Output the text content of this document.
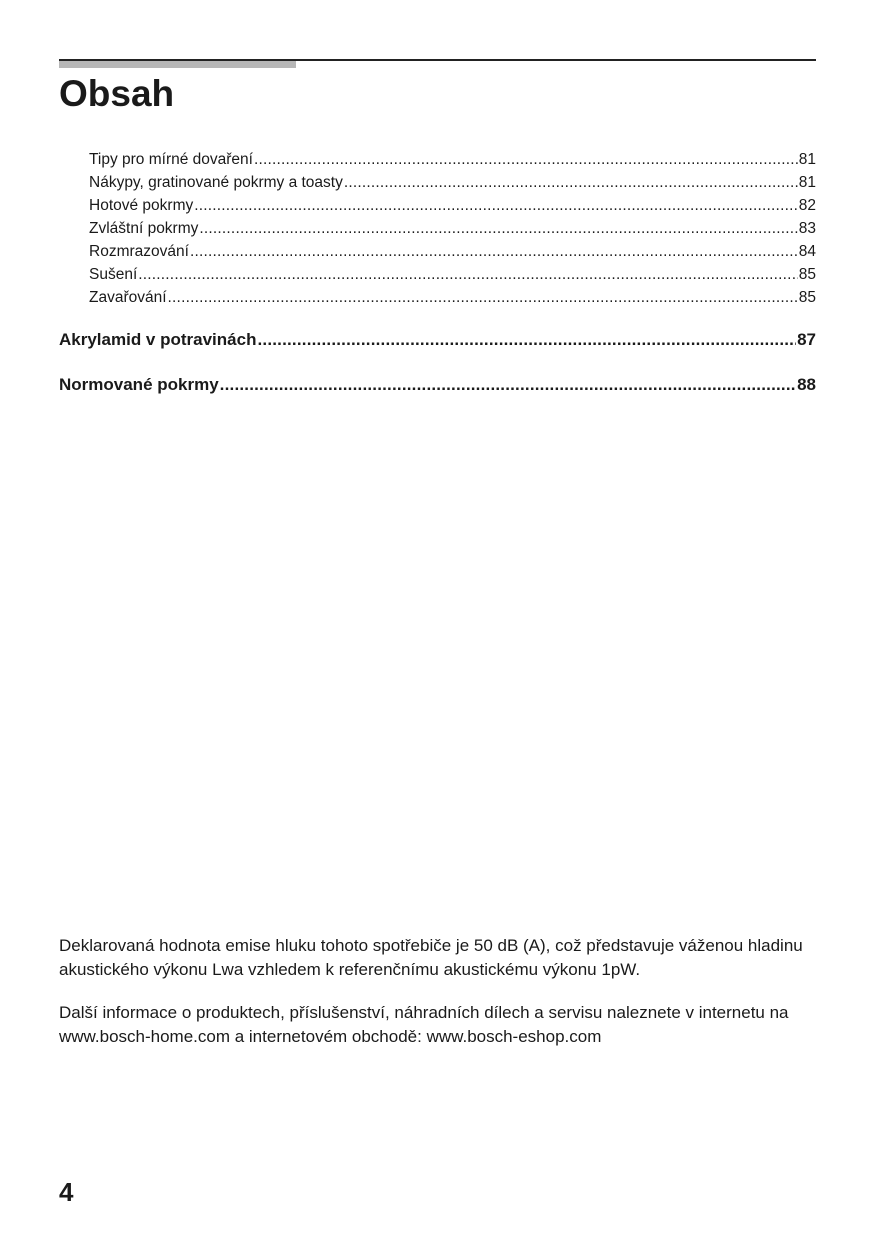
Obsah
Tipy pro mírné dovaření .....	81
Nákypy, gratinované pokrmy a toasty .....	81
Hotové pokrmy .....	82
Zvláštní pokrmy .....	83
Rozmrazování .....	84
Sušení .....	85
Zavařování .....	85
Akrylamid v potravinách .....	87
Normované pokrmy .....	88

Deklarovaná hodnota emise hluku tohoto spotřebiče je 50 dB (A), což představuje váženou hladinu akustického výkonu Lwa vzhledem k referenčnímu akustickému výkonu 1pW.

Další informace o produktech, příslušenství, náhradních dílech a servisu naleznete v internetu na www.bosch-home.com a internetovém obchodě: www.bosch-eshop.com

4
